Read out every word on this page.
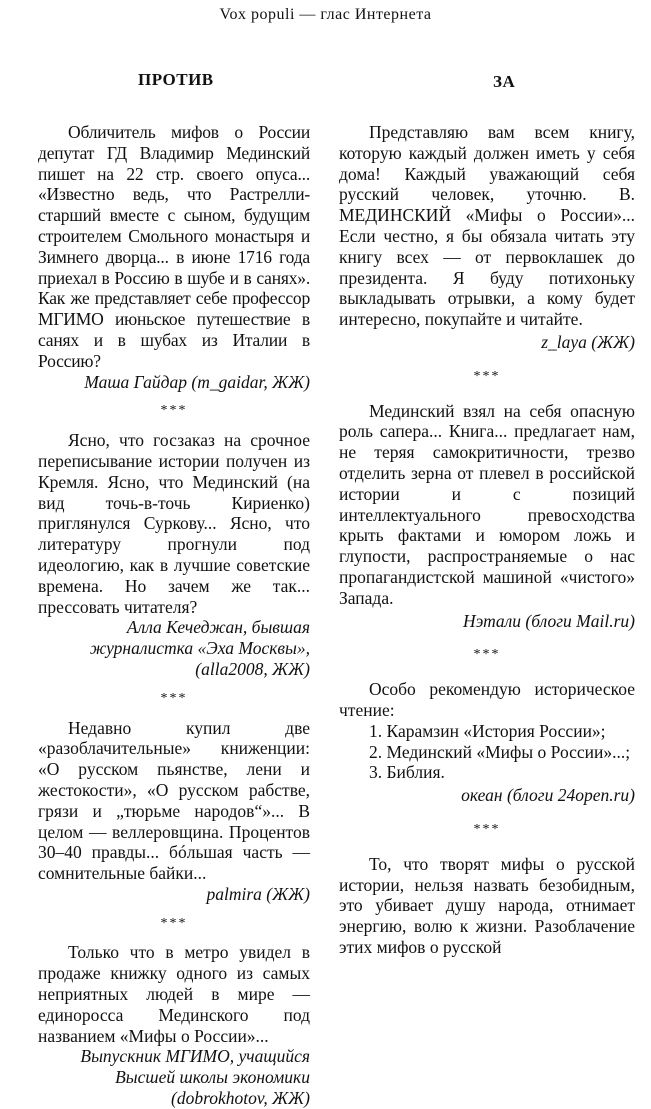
Vox populi — глас Интернета
ПРОТИВ

Обличитель мифов о России депутат ГД Владимир Мединский пишет на 22 стр. своего опуса... «Известно ведь, что Растрелли-старший вместе с сыном, будущим строителем Смольного монастыря и Зимнего дворца... в июне 1716 года приехал в Россию в шубе и в санях». Как же представляет себе профессор МГИМО июньское путешествие в санях и в шубах из Италии в Россию?

Маша Гайдар (m_gaidar, ЖЖ)
***

Ясно, что госзаказ на срочное переписывание истории получен из Кремля. Ясно, что Мединский (на вид точь-в-точь Кириенко) приглянулся Суркову... Ясно, что литературу прогнули под идеологию, как в лучшие советские времена. Но зачем же так... прессовать читателя?

Алла Кечеджан, бывшая журналистка «Эха Москвы», (alla2008, ЖЖ)
***

Недавно купил две «разоблачительные» книженции: «О русском пьянстве, лени и жестокости», «О русском рабстве, грязи и „тюрьме народов“»... В целом — веллеровщина. Процентов 30–40 правды... бóльшая часть — сомнительные байки...

palmira (ЖЖ)
***

Только что в метро увидел в продаже книжку одного из самых неприятных людей в мире — единоросса Мединского под названием «Мифы о России»...

Выпускник МГИМО, учащийся
Высшей школы экономики
(dobrokhotov, ЖЖ)
ЗА

Представляю вам всем книгу, которую каждый должен иметь у себя дома! Каждый уважающий себя русский человек, уточню. В. МЕДИНСКИЙ «Мифы о России»... Если честно, я бы обязала читать эту книгу всех — от первоклашек до президента. Я буду потихоньку выкладывать отрывки, а кому будет интересно, покупайте и читайте.

z_laya (ЖЖ)
***

Мединский взял на себя опасную роль сапера... Книга... предлагает нам, не теряя самокритичности, трезво отделить зерна от плевел в российской истории и с позиций интеллектуального превосходства крыть фактами и юмором ложь и глупости, распространяемые о нас пропагандистской машиной «чистого» Запада.

Нэтали (блоги Mail.ru)
***

Особо рекомендую историческое чтение:

1. Карамзин «История России»;
2. Мединский «Мифы о России»...;
3. Библия.
океан (блоги 24open.ru)
***

То, что творят мифы о русской истории, нельзя назвать безобидным, это убивает душу народа, отнимает энергию, волю к жизни. Разоблачение этих мифов о русской
